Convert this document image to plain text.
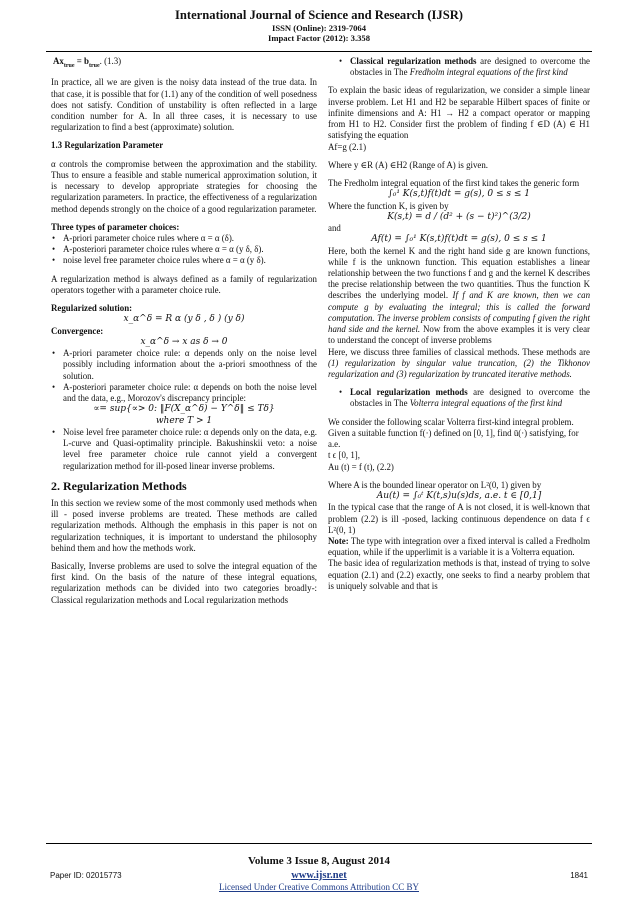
International Journal of Science and Research (IJSR)
ISSN (Online): 2319-7064
Impact Factor (2012): 3.358

$Ax_{true} = b_{true}$. (1.3)

In practice, all we are given is the noisy data instead of the true data. In that case, it is possible that for (1.1) any of the condition of well posedness does not satisfy. Condition of unstability is often reflected in a large condition number for A. In all three cases, it is necessary to use regularization to find a best (approximate) solution.

1.3 Regularization Parameter

α controls the compromise between the approximation and the stability. Thus to ensure a feasible and stable numerical approximation solution, it is necessary to develop appropriate strategies for choosing the regularization parameters. In practice, the effectiveness of a regularization method depends strongly on the choice of a good regularization parameter.

Three types of parameter choices:

• A-priori parameter choice rules where α = α (δ).

• A-posteriori parameter choice rules where α = α (y δ, δ).

• noise level free parameter choice rules where α = α (y δ).

A regularization method is always defined as a family of regularization operators together with a parameter choice rule.

Regularized solution:

x_α^δ = R α (y δ , δ ) (y δ)

Convergence:

x_α^δ → x as δ → 0

• A-priori parameter choice rule: α depends only on the noise level possibly including information about the a-priori smoothness of the solution.

• A-posteriori parameter choice rule: α depends on both the noise level and the data, e.g., Morozov's discrepancy principle:

∝= sup{∝> 0: ‖F(X_α^δ) − Y^δ‖ ≤ Tδ}

where T > 1

• Noise level free parameter choice rule: α depends only on the data, e.g. L-curve and Quasi-optimality principle. Bakushinskii veto: a noise level free parameter choice rule cannot yield a convergent regularization method for ill-posed linear inverse problems.

2. Regularization Methods

In this section we review some of the most commonly used methods when ill - posed inverse problems are treated. These methods are called regularization methods. Although the emphasis in this paper is not on regularization techniques, it is important to understand the philosophy behind them and how the methods work.

Basically, Inverse problems are used to solve the integral equation of the first kind. On the basis of the nature of these integral equations, regularization methods can be divided into two categories broadly-: Classical regularization methods and Local regularization methods

• Classical regularization methods are designed to overcome the obstacles in The Fredholm integral equations of the first kind

To explain the basic ideas of regularization, we consider a simple linear inverse problem. Let H1 and H2 be separable Hilbert spaces of finite or infinite dimensions and A: H1 → H2 a compact operator or mapping from H1 to H2. Consider first the problem of finding f ∈D (A) ∈ H1 satisfying the equation

Af=g (2.1)

Where y ∈R (A) ∈H2 (Range of A) is given.

The Fredholm integral equation of the first kind takes the generic form

∫₀¹ K(s,t)f(t)dt = g(s), 0 ≤ s ≤ 1

Where the function K, is given by

K(s,t) = d / (d² + (s − t)²)^(3/2)

and

Af(t) = ∫₀¹ K(s,t)f(t)dt = g(s), 0 ≤ s ≤ 1

Here, both the kernel K and the right hand side g are known functions, while f is the unknown function. This equation establishes a linear relationship between the two functions f and g and the kernel K describes the precise relationship between the two quantities. Thus the function K describes the underlying model. If f and K are known, then we can compute g by evaluating the integral; this is called the forward computation. The inverse problem consists of computing f given the right hand side and the kernel. Now from the above examples it is very clear to understand the concept of inverse problems

Here, we discuss three families of classical methods. These methods are (1) regularization by singular value truncation, (2) the Tikhonov regularization and (3) regularization by truncated iterative methods.

• Local regularization methods are designed to overcome the obstacles in The Volterra integral equations of the first kind

We consider the following scalar Volterra first-kind integral problem. Given a suitable function f(·) defined on [0, 1], find ū(·) satisfying, for a.e.

t ϵ [0, 1],

Au (t) = f (t), (2.2)

Where A is the bounded linear operator on L²(0, 1) given by

Au(t) = ∫₀ᵗ K(t,s)u(s)ds, a.e. t ∈ [0,1]

In the typical case that the range of A is not closed, it is well-known that problem (2.2) is ill -posed, lacking continuous dependence on data f ϵ L²(0, 1)

Note: The type with integration over a fixed interval is called a Fredholm equation, while if the upperlimit is a variable it is a Volterra equation.

The basic idea of regularization methods is that, instead of trying to solve equation (2.1) and (2.2) exactly, one seeks to find a nearby problem that is uniquely solvable and that is

Volume 3 Issue 8, August 2014
www.ijsr.net
Licensed Under Creative Commons Attribution CC BY
Paper ID: 02015773	1841
